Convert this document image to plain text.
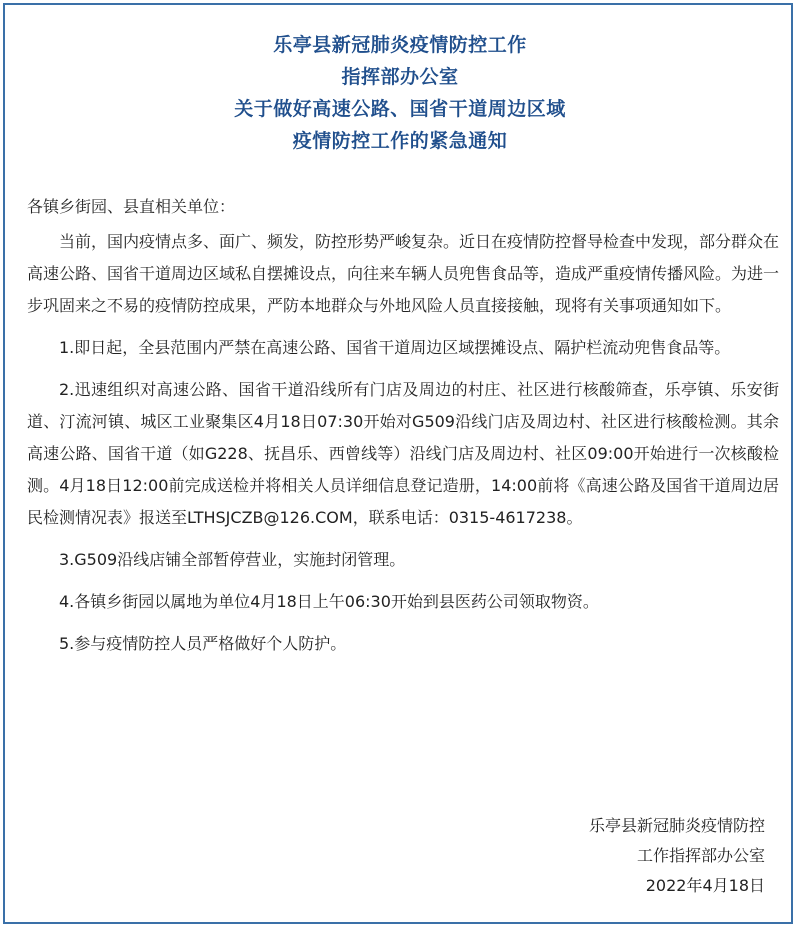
乐亭县新冠肺炎疫情防控工作
指挥部办公室
关于做好高速公路、国省干道周边区域
疫情防控工作的紧急通知

各镇乡街园、县直相关单位：

当前，国内疫情点多、面广、频发，防控形势严峻复杂。近日在疫情防控督导检查中发现，部分群众在高速公路、国省干道周边区域私自摆摊设点，向往来车辆人员兜售食品等，造成严重疫情传播风险。为进一步巩固来之不易的疫情防控成果，严防本地群众与外地风险人员直接接触，现将有关事项通知如下。

1.即日起，全县范围内严禁在高速公路、国省干道周边区域摆摊设点、隔护栏流动兜售食品等。

2.迅速组织对高速公路、国省干道沿线所有门店及周边的村庄、社区进行核酸筛查，乐亭镇、乐安街道、汀流河镇、城区工业聚集区4月18日07:30开始对G509沿线门店及周边村、社区进行核酸检测。其余高速公路、国省干道（如G228、抚昌乐、西曾线等）沿线门店及周边村、社区09:00开始进行一次核酸检测。4月18日12:00前完成送检并将相关人员详细信息登记造册，14:00前将《高速公路及国省干道周边居民检测情况表》报送至LTHSJCZB@126.COM，联系电话：0315-4617238。

3.G509沿线店铺全部暂停营业，实施封闭管理。

4.各镇乡街园以属地为单位4月18日上午06:30开始到县医药公司领取物资。

5.参与疫情防控人员严格做好个人防护。

乐亭县新冠肺炎疫情防控
工作指挥部办公室
2022年4月18日
